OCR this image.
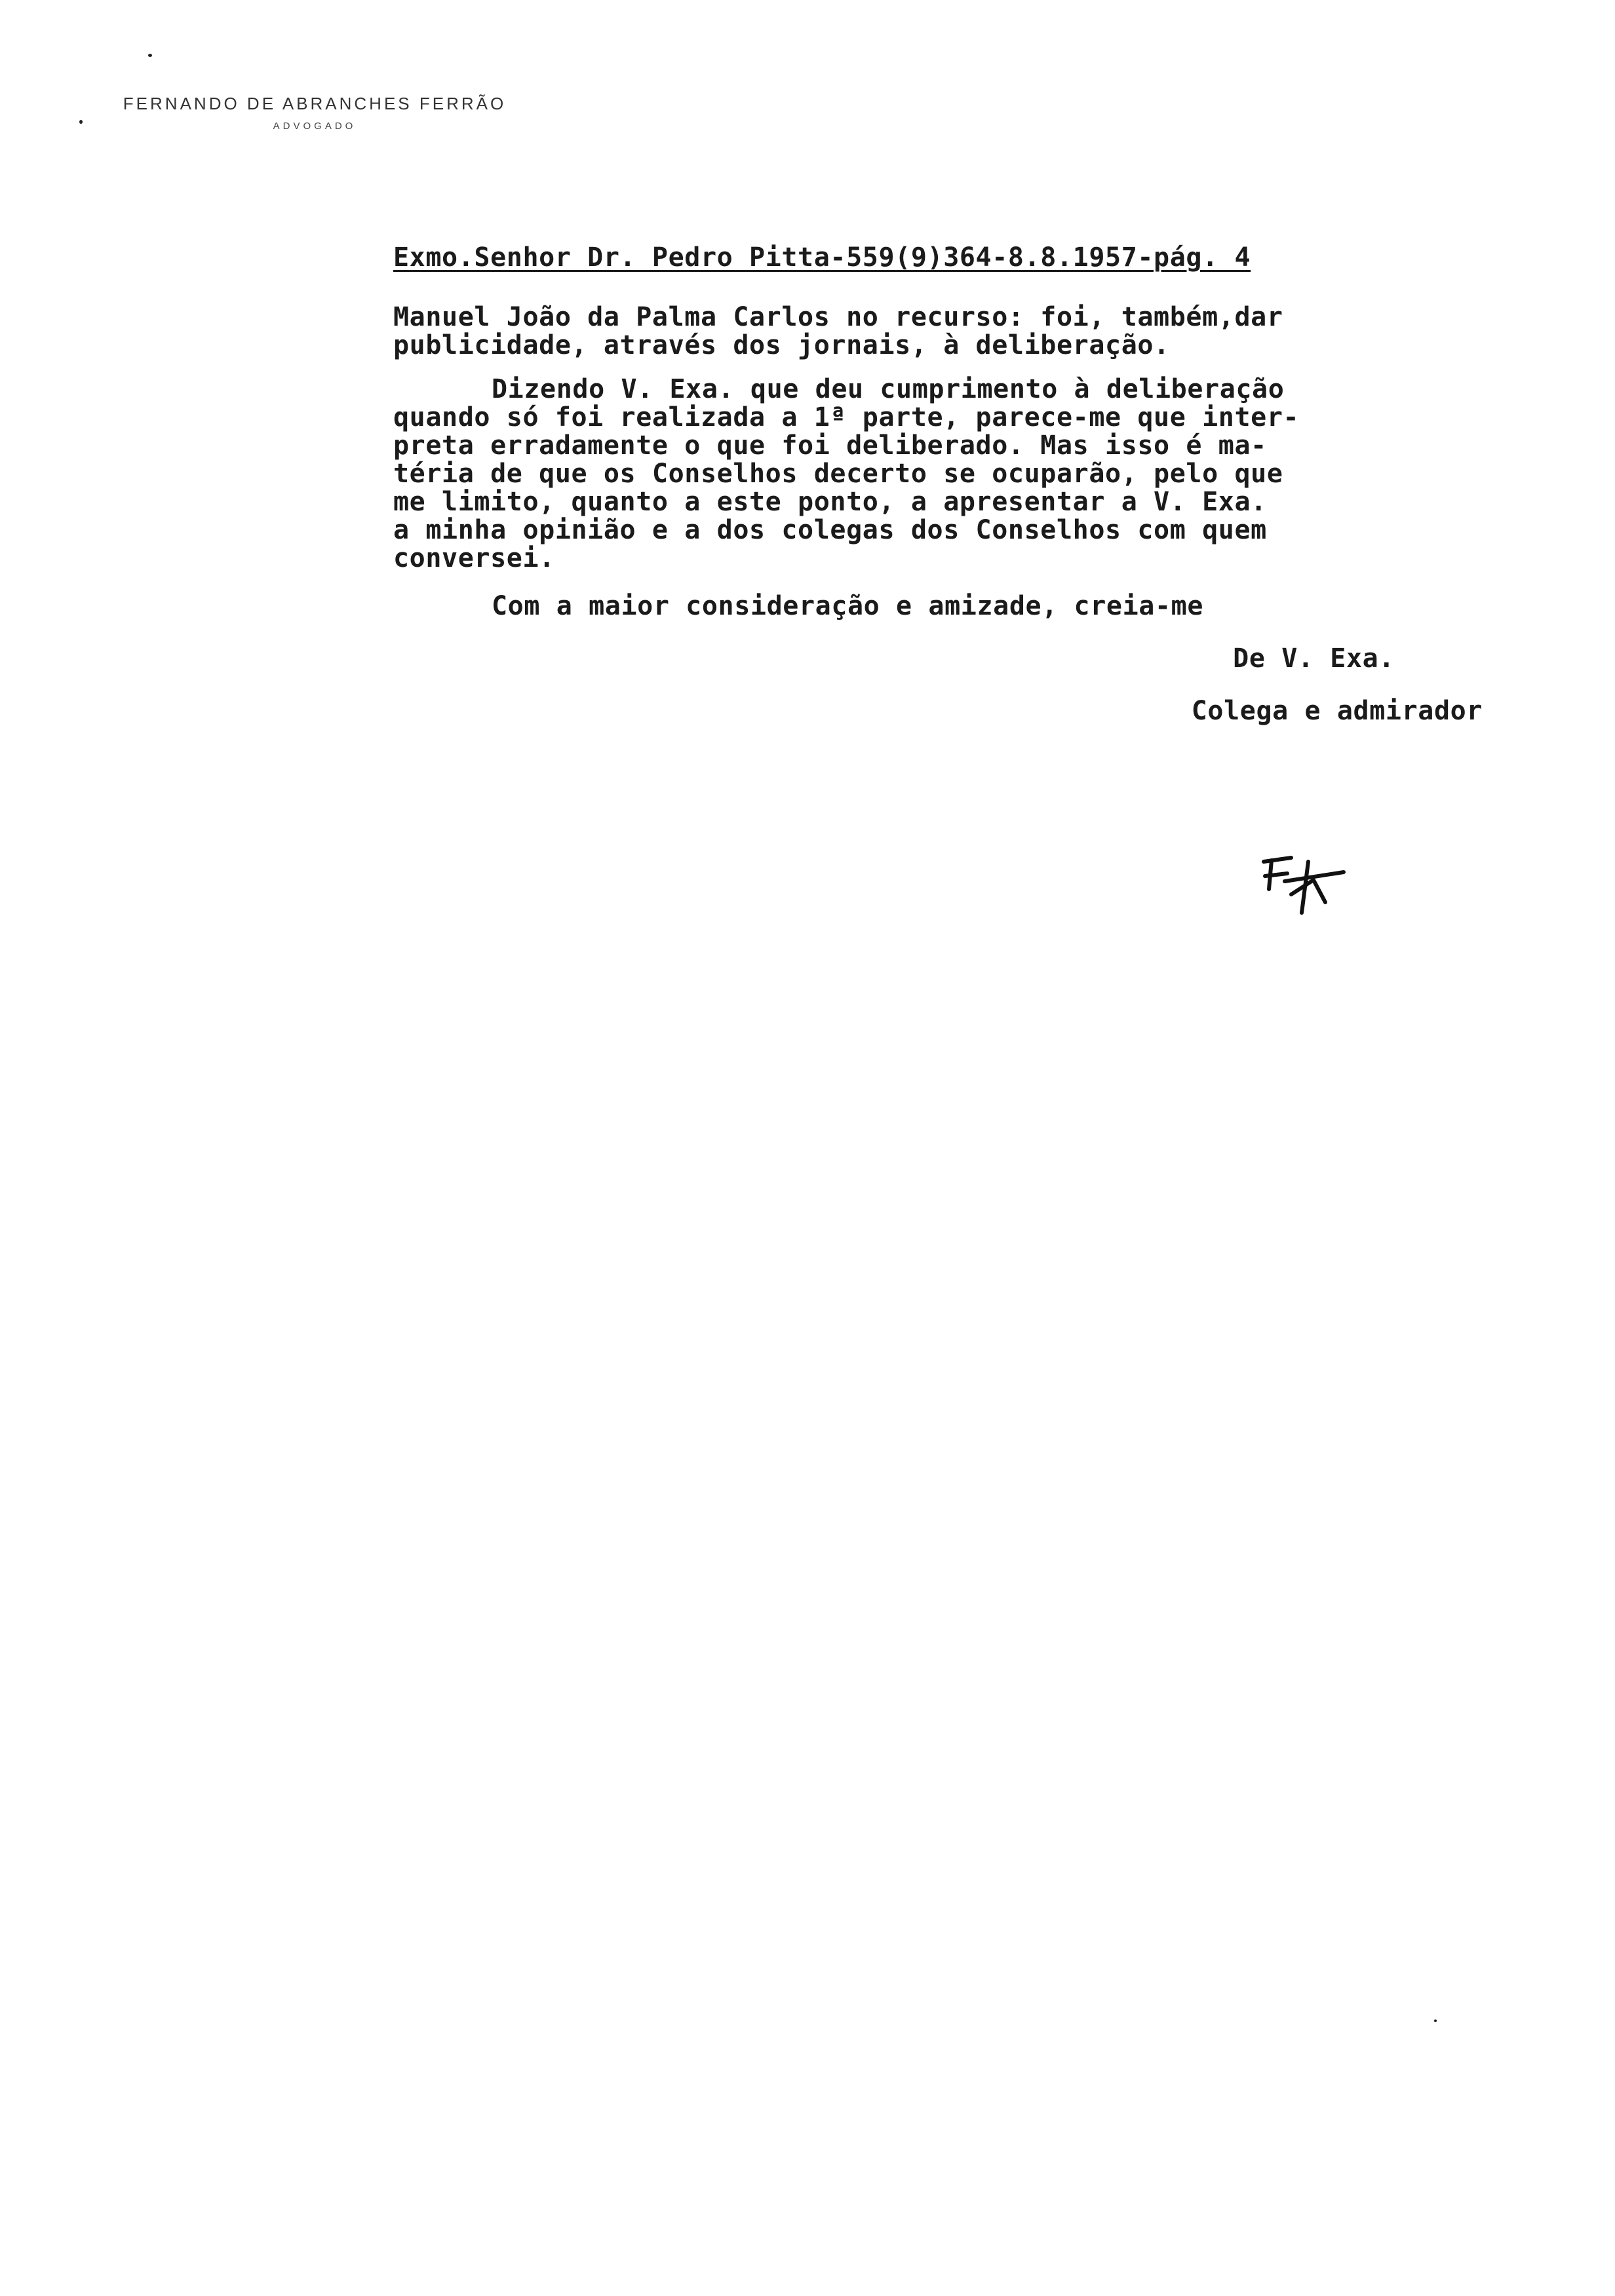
FERNANDO DE ABRANCHES FERRÃO
ADVOGADO
Exmo.Senhor Dr. Pedro Pitta-559(9)364-8.8.1957-pág. 4
Manuel João da Palma Carlos no recurso: foi, também,dar
publicidade, através dos jornais, à deliberação.
Dizendo V. Exa. que deu cumprimento à deliberação
quando só foi realizada a 1ª parte, parece-me que inter-
preta erradamente o que foi deliberado. Mas isso é ma-
téria de que os Conselhos decerto se ocuparão, pelo que
me limito, quanto a este ponto, a apresentar a V. Exa.
a minha opinião e a dos colegas dos Conselhos com quem
conversei.
Com a maior consideração e amizade, creia-me
De V. Exa.
Colega e admirador
